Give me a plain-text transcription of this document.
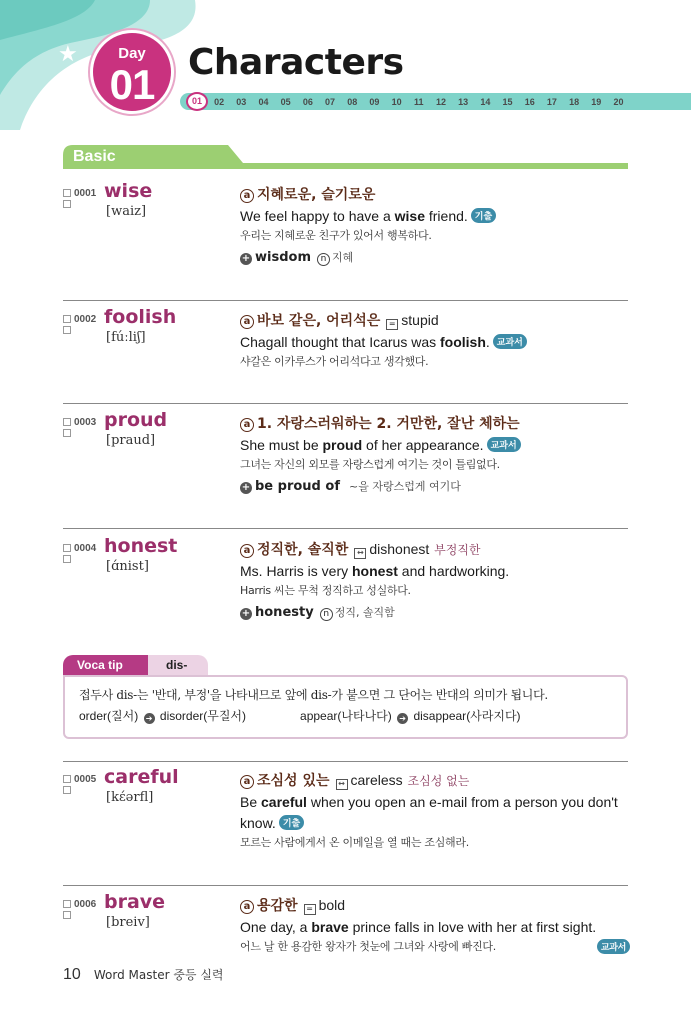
★	Day
01 Characters
01	02	03	04	05	06	07	08	09	10	11	12	13	14	15	16	17	18	19	20
Basic
0001 wise
[waiz]
a 지혜로운, 슬기로운
We feel happy to have a wise friend. 기출
우리는 지혜로운 친구가 있어서 행복하다.
+ wisdom n 지혜
0002 foolish
[fúːliʃ]
a 바보 같은, 어리석은 = stupid
Chagall thought that Icarus was foolish. 교과서
샤갈은 이카루스가 어리석다고 생각했다.
0003 proud
[praud]
a 1. 자랑스러워하는 2. 거만한, 잘난 체하는
She must be proud of her appearance. 교과서
그녀는 자신의 외모를 자랑스럽게 여기는 것이 틀림없다.
+ be proud of ~을 자랑스럽게 여기다
0004 honest
[ɑ́nist]
a 정직한, 솔직한 ↔ dishonest 부정직한
Ms. Harris is very honest and hardworking.
Harris 씨는 무척 정직하고 성실하다.
+ honesty n 정직, 솔직함
Voca tip	dis-
접두사 dis-는 '반대, 부정'을 나타내므로 앞에 dis-가 붙으면 그 단어는 반대의 의미가 됩니다.
order(질서) ➔ disorder(무질서)	appear(나타나다) ➔ disappear(사라지다)
0005 careful
[kɛ́ərfl]
a 조심성 있는 ↔ careless 조심성 없는
Be careful when you open an e-mail from a person you don't know. 기출
모르는 사람에게서 온 이메일을 열 때는 조심해라.
0006 brave
[breiv]
a 용감한 = bold
One day, a brave prince falls in love with her at first sight.
어느 날 한 용감한 왕자가 첫눈에 그녀와 사랑에 빠진다.	교과서
10 Word Master 중등 실력
